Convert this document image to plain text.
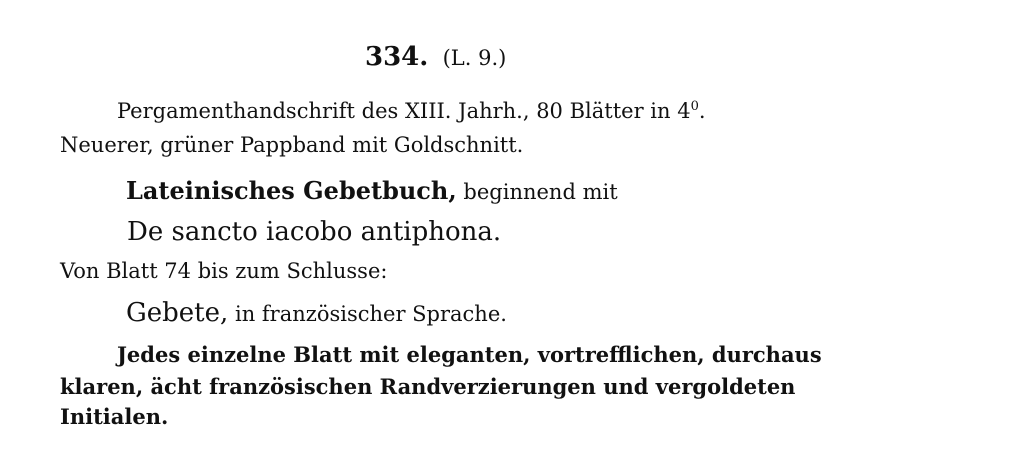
334. (L. 9.)
Pergamenthandschrift des XIII. Jahrh., 80 Blätter in $4^0$.
Neuerer, grüner Pappband mit Goldschnitt.
Lateinisches Gebetbuch, beginnend mit
De sancto iacobo antiphona.
Von Blatt 74 bis zum Schlusse:
Gebete, in französischer Sprache.
Jedes einzelne Blatt mit eleganten, vortrefflichen, durchaus
klaren, ächt französischen Randverzierungen und vergoldeten
Initialen.
